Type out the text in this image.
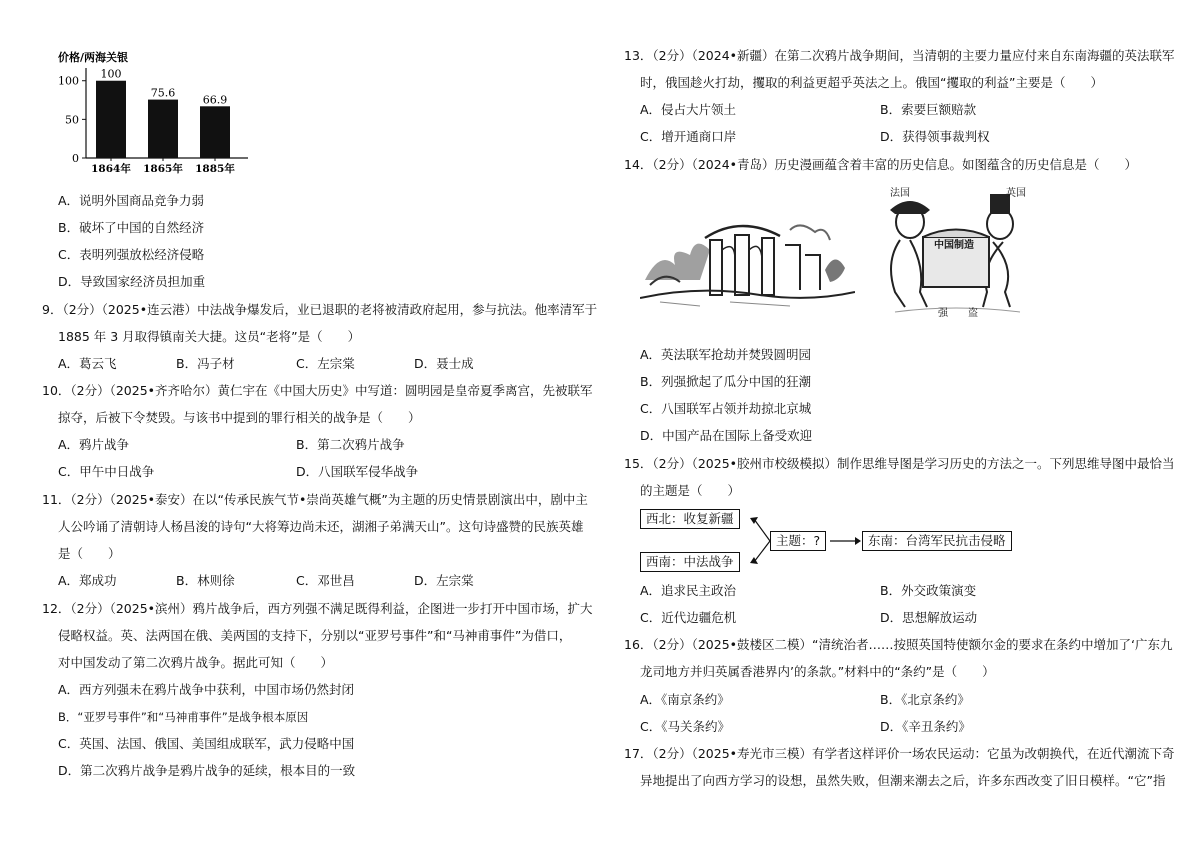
价格/两海关银
0
50
100
100
1864年
75.6
1865年
66.9
1885年
A．说明外国商品竞争力弱
B．破坏了中国的自然经济
C．表明列强放松经济侵略
D．导致国家经济员担加重
9．（2分）（2025•连云港）中法战争爆发后，业已退职的老将被清政府起用，参与抗法。他率清军于
1885 年 3 月取得镇南关大捷。这员“老将”是（　　）
A．葛云飞	B．冯子材	C．左宗棠	D．聂士成
10．（2分）（2025•齐齐哈尔）黄仁宇在《中国大历史》中写道：圆明园是皇帝夏季离宫，先被联军
掠夺，后被下令焚毁。与该书中提到的罪行相关的战争是（　　）
A．鸦片战争	B．第二次鸦片战争
C．甲午中日战争	D．八国联军侵华战争
11．（2分）（2025•泰安）在以“传承民族气节•崇尚英雄气概”为主题的历史情景剧演出中，剧中主
人公吟诵了清朝诗人杨昌浚的诗句“大将筹边尚未还，湖湘子弟满天山”。这句诗盛赞的民族英雄
是（　　）
A．郑成功	B．林则徐	C．邓世昌	D．左宗棠
12．（2分）（2025•滨州）鸦片战争后，西方列强不满足既得利益，企图进一步打开中国市场，扩大
侵略权益。英、法两国在俄、美两国的支持下，分别以“亚罗号事件”和“马神甫事件”为借口，
对中国发动了第二次鸦片战争。据此可知（　　）
A．西方列强未在鸦片战争中获利，中国市场仍然封闭
B．“亚罗号事件”和“马神甫事件”是战争根本原因
C．英国、法国、俄国、美国组成联军，武力侵略中国
D．第二次鸦片战争是鸦片战争的延续，根本目的一致
13．（2分）（2024•新疆）在第二次鸦片战争期间，当清朝的主要力量应付来自东南海疆的英法联军
时，俄国趁火打劫，攫取的利益更超乎英法之上。俄国“攫取的利益”主要是（　　）
A．侵占大片领土	B．索要巨额赔款
C．增开通商口岸	D．获得领事裁判权
14．（2分）（2024•青岛）历史漫画蕴含着丰富的历史信息。如图蕴含的历史信息是（　　）
法国	英国
中国制造
强 盗
A．英法联军抢劫并焚毁圆明园
B．列强掀起了瓜分中国的狂潮
C．八国联军占领并劫掠北京城
D．中国产品在国际上备受欢迎
15．（2分）（2025•胶州市校级模拟）制作思维导图是学习历史的方法之一。下列思维导图中最恰当
的主题是（　　）
西北：收复新疆
西南：中法战争
主题：?	东南：台湾军民抗击侵略
A．追求民主政治	B．外交政策演变
C．近代边疆危机	D．思想解放运动
16．（2分）（2025•鼓楼区二模）“清统治者……按照英国特使额尔金的要求在条约中增加了‘广东九
龙司地方并归英属香港界内’的条款。”材料中的“条约”是（　　）
A．《南京条约》	B．《北京条约》
C．《马关条约》	D．《辛丑条约》
17．（2分）（2025•寿光市三模）有学者这样评价一场农民运动：它虽为改朝换代，在近代潮流下奇
异地提出了向西方学习的设想，虽然失败，但潮来潮去之后，许多东西改变了旧日模样。“它”指
